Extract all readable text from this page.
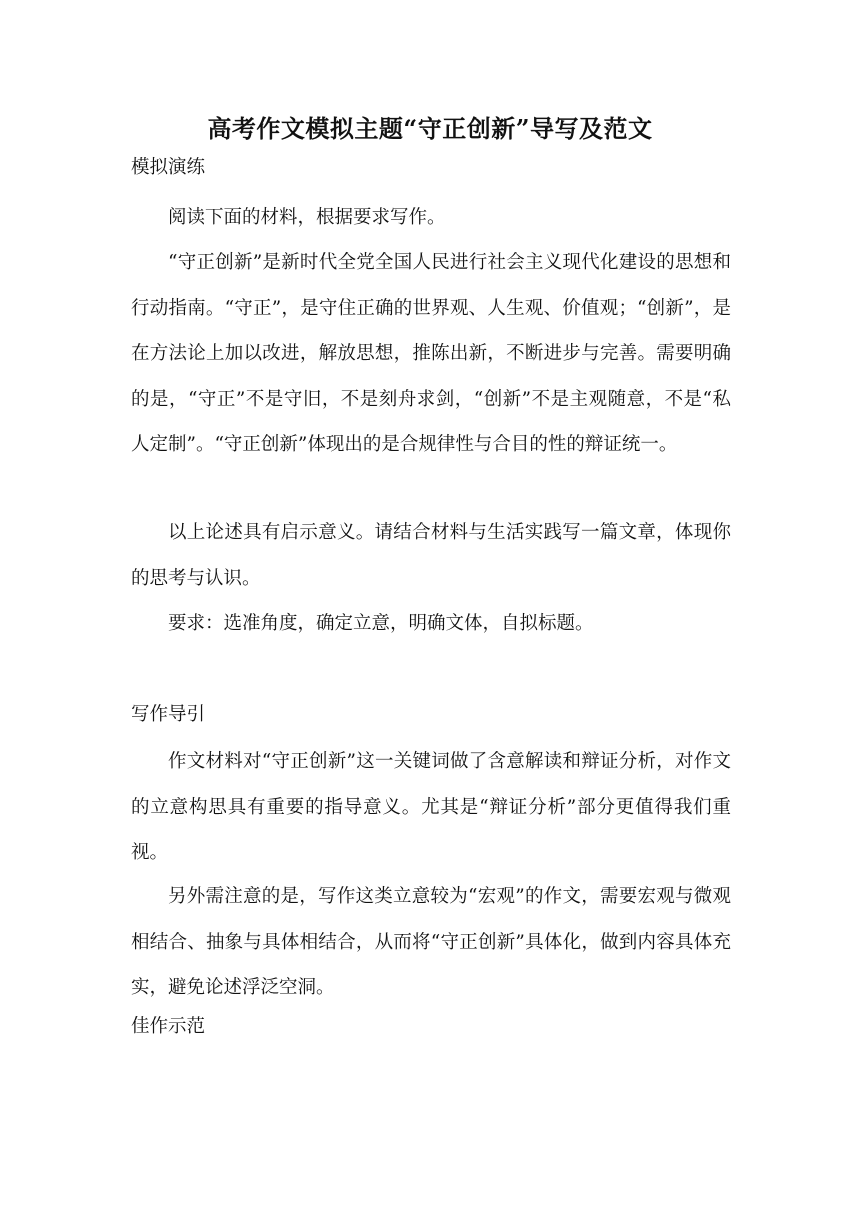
高考作文模拟主题“守正创新”导写及范文
模拟演练
阅读下面的材料，根据要求写作。
“守正创新”是新时代全党全国人民进行社会主义现代化建设的思想和行动指南。“守正”，是守住正确的世界观、人生观、价值观；“创新”，是在方法论上加以改进，解放思想，推陈出新，不断进步与完善。需要明确的是，“守正”不是守旧，不是刻舟求剑，“创新”不是主观随意，不是“私人定制”。“守正创新”体现出的是合规律性与合目的性的辩证统一。
以上论述具有启示意义。请结合材料与生活实践写一篇文章，体现你的思考与认识。
要求：选准角度，确定立意，明确文体，自拟标题。
写作导引
作文材料对“守正创新”这一关键词做了含意解读和辩证分析，对作文的立意构思具有重要的指导意义。尤其是“辩证分析”部分更值得我们重视。
另外需注意的是，写作这类立意较为“宏观”的作文，需要宏观与微观相结合、抽象与具体相结合，从而将“守正创新”具体化，做到内容具体充实，避免论述浮泛空洞。
佳作示范
